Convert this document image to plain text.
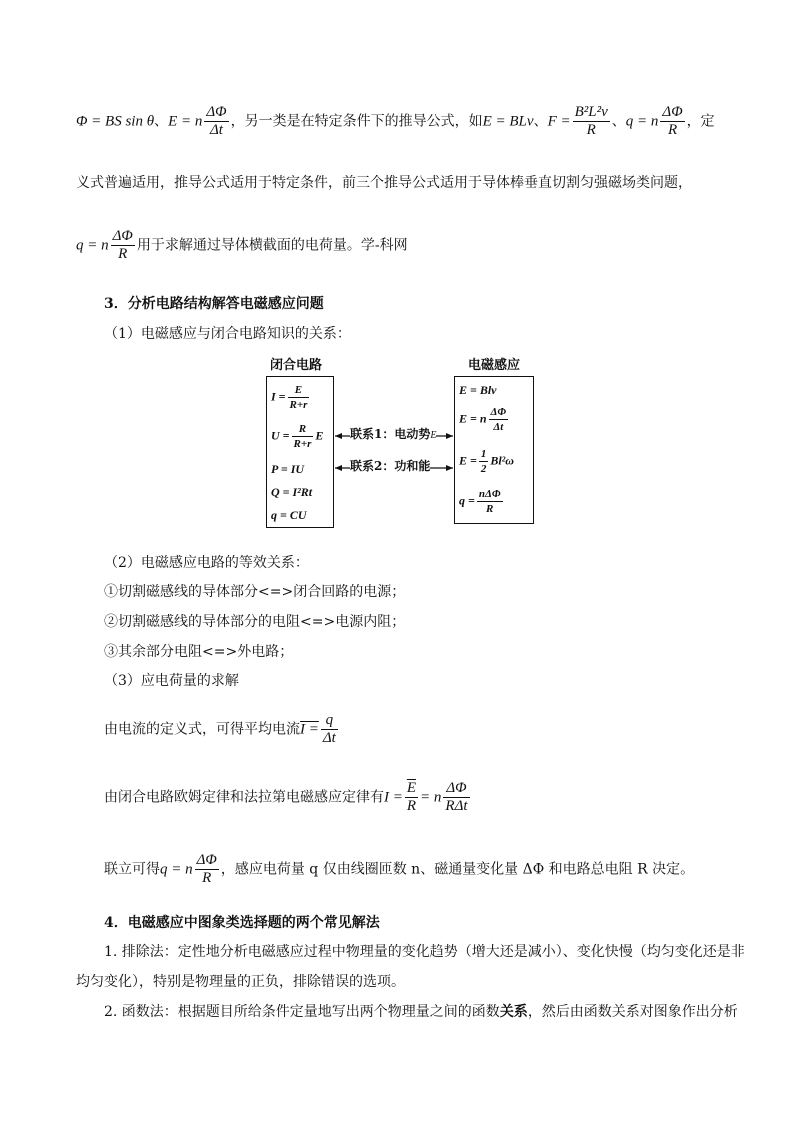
Φ = BS sin θ、E = n $\frac{\Delta\Phi}{\Delta t}$ ，另一类是在特定条件下的推导公式，如E = BLv、$F = \frac{\text{B²L²v}}{R}$ 、q = n $\frac{\Delta\Phi}{R}$ ，定
义式普遍适用，推导公式适用于特定条件，前三个推导公式适用于导体棒垂直切割匀强磁场类问题，
q = n $\frac{\Delta\Phi}{R}$ 用于求解通过导体横截面的电荷量。学-科网
3．分析电路结构解答电磁感应问题
（1）电磁感应与闭合电路知识的关系：
闭合电路	电磁感应
$I = \frac{E}{R+r}$
$U = \frac{R}{R+r}$ E
P = IU
Q = I²Rt
q = CU
E = Blv
E = n $\frac{\Delta\Phi}{\Delta t}$
$E = \frac{1}{2} Bl^2\omega$
$q = \frac{\text{nΔΦ}}{R}$
联系1：电动势E
联系2：功和能
（2）电磁感应电路的等效关系：
①切割磁感线的导体部分<=>闭合回路的电源；
②切割磁感线的导体部分的电阻<=>电源内阻；
③其余部分电阻<=>外电路；
（3）应电荷量的求解
由电流的定义式，可得平均电流$I = \frac{q}{\Delta t}$
由闭合电路欧姆定律和法拉第电磁感应定律有$I = \frac{\overline{E}}{R} = n \frac{\Delta\Phi}{\text{RΔt}}$
联立可得q = n $\frac{\Delta\Phi}{R}$ ，感应电荷量 q 仅由线圈匝数 n、磁通量变化量 ΔΦ 和电路总电阻 R 决定。
4．电磁感应中图象类选择题的两个常见解法
1. 排除法：定性地分析电磁感应过程中物理量的变化趋势（增大还是减小）、变化快慢（均匀变化还是非
均匀变化），特别是物理量的正负，排除错误的选项。
2. 函数法：根据题目所给条件定量地写出两个物理量之间的函数关系，然后由函数关系对图象作出分析
